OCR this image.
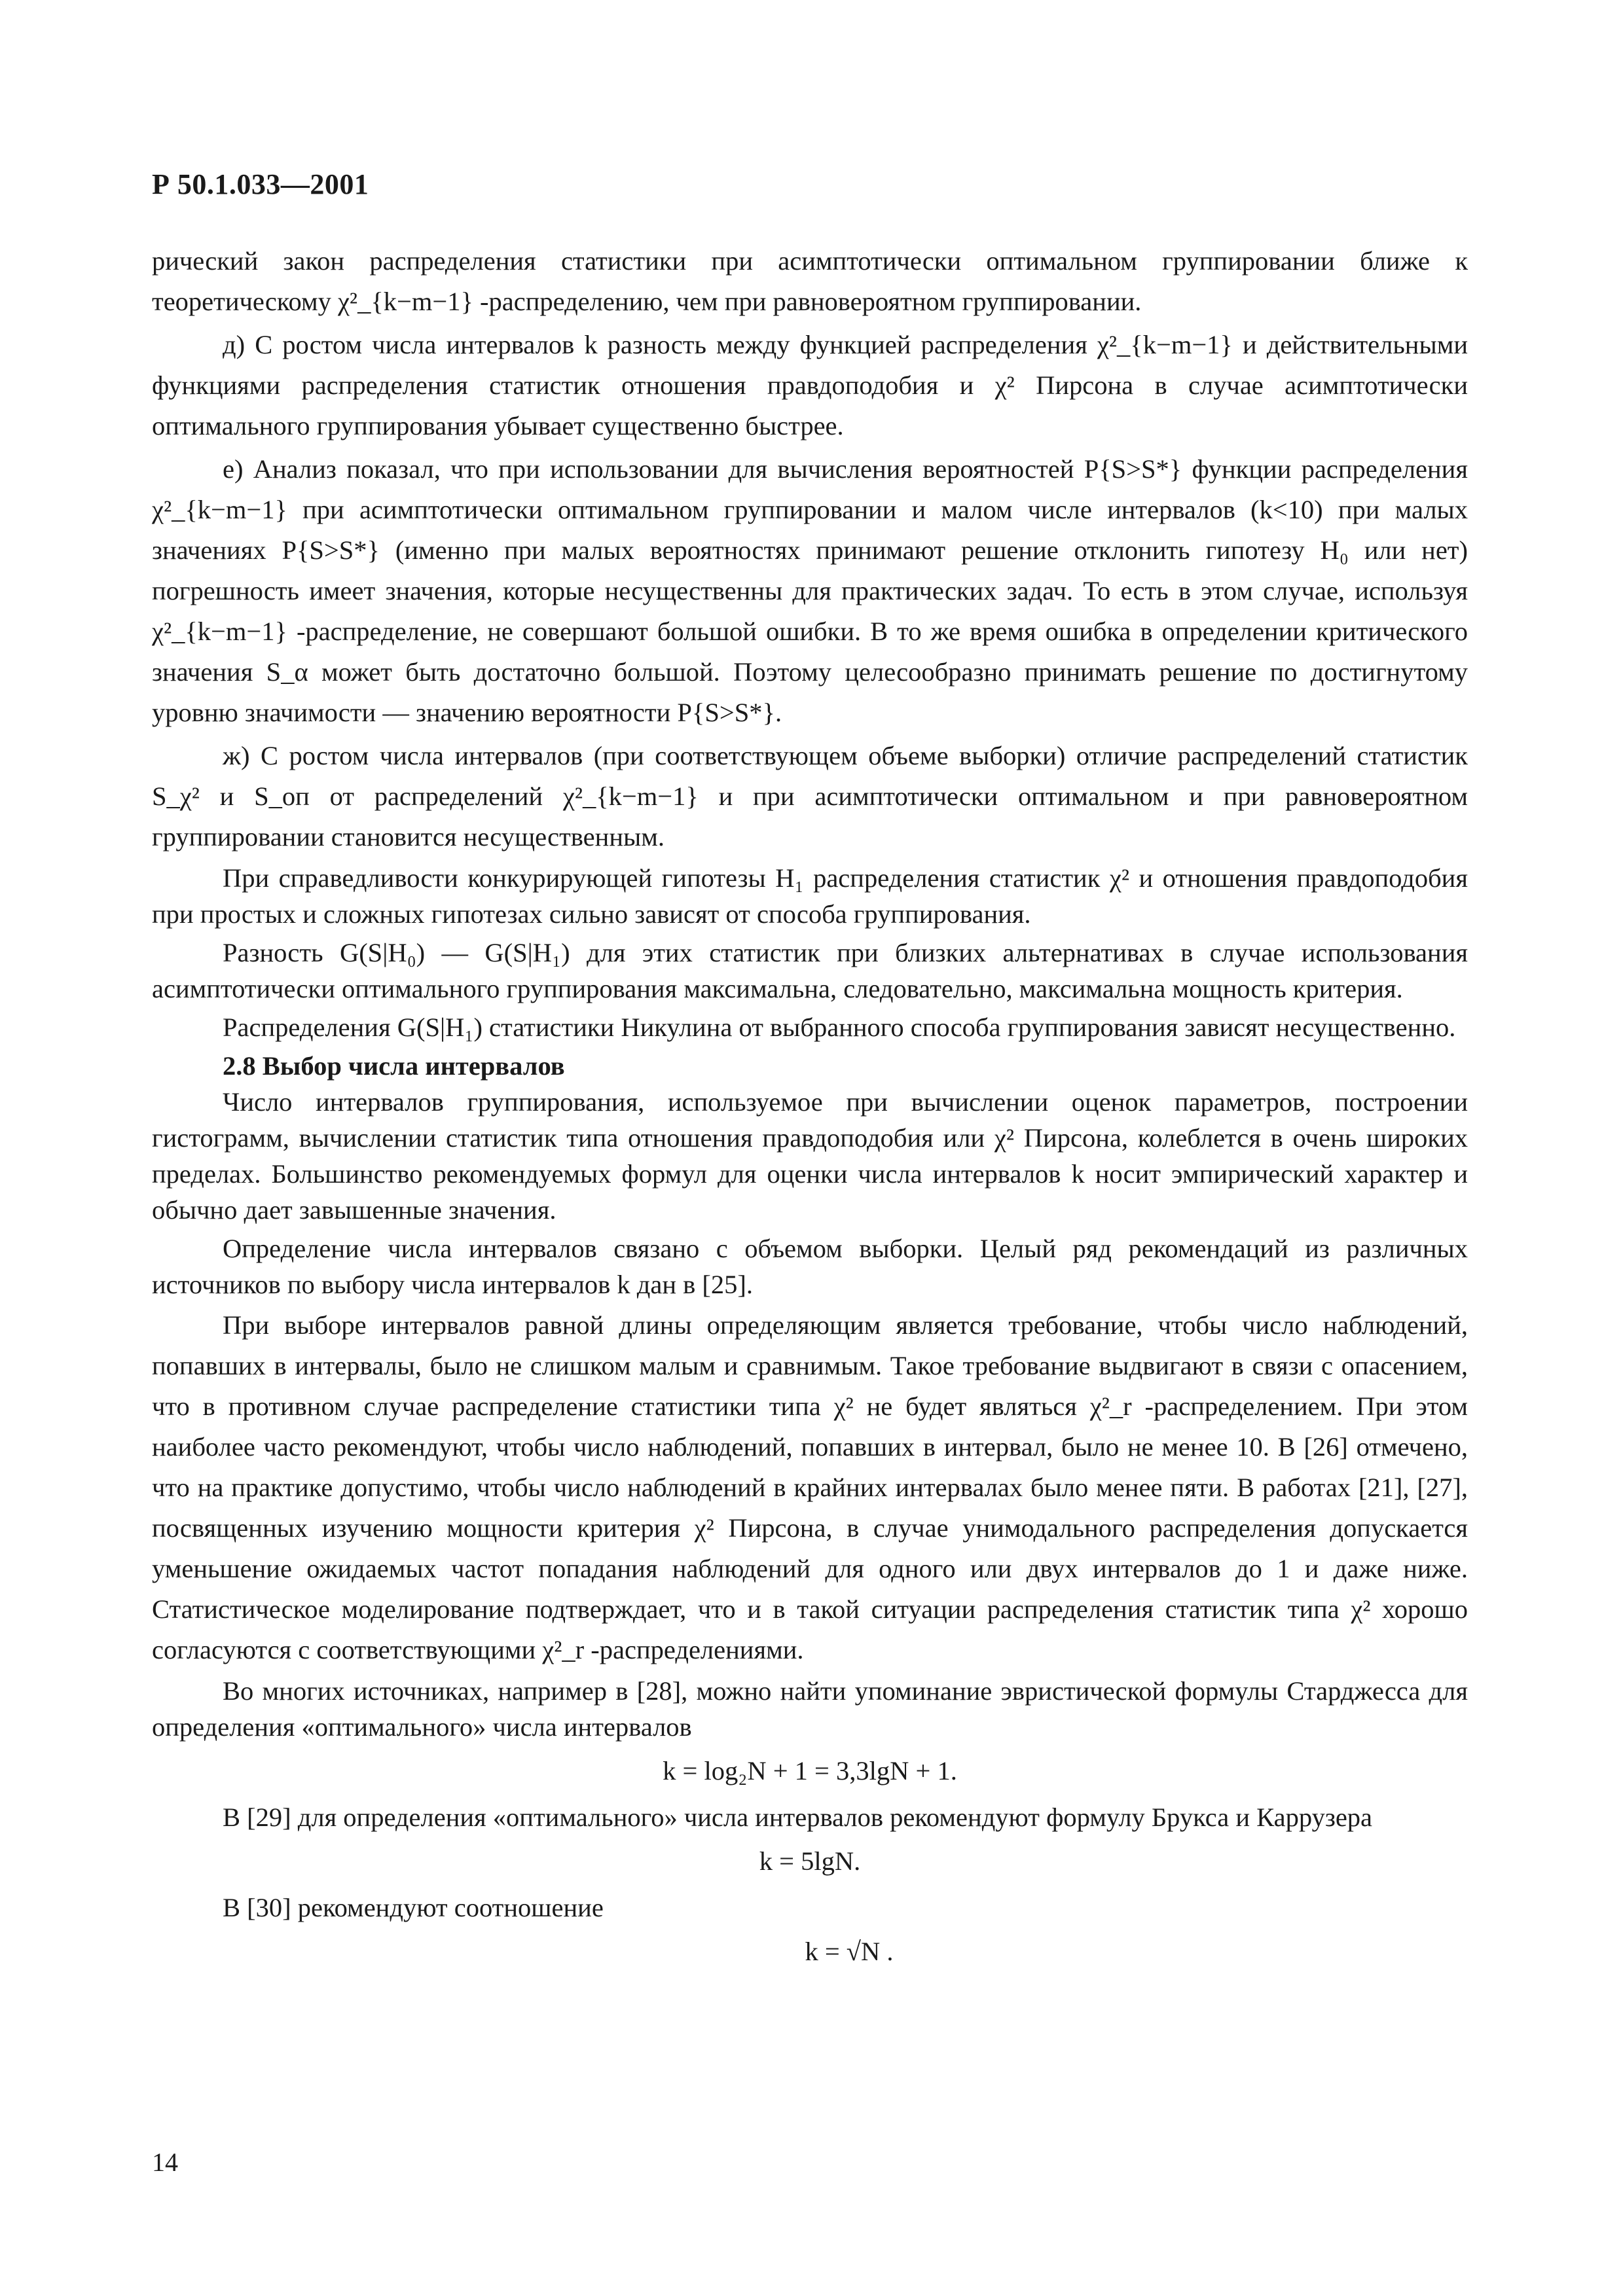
Р 50.1.033—2001

рический закон распределения статистики при асимптотически оптимальном группировании ближе к теоретическому χ²_{k−m−1} -распределению, чем при равновероятном группировании.

д) С ростом числа интервалов k разность между функцией распределения χ²_{k−m−1} и действительными функциями распределения статистик отношения правдоподобия и χ² Пирсона в случае асимптотически оптимального группирования убывает существенно быстрее.

е) Анализ показал, что при использовании для вычисления вероятностей P{S>S*} функции распределения χ²_{k−m−1} при асимптотически оптимальном группировании и малом числе интервалов (k<10) при малых значениях P{S>S*} (именно при малых вероятностях принимают решение отклонить гипотезу H₀ или нет) погрешность имеет значения, которые несущественны для практических задач. То есть в этом случае, используя χ²_{k−m−1} -распределение, не совершают большой ошибки. В то же время ошибка в определении критического значения S_α может быть достаточно большой. Поэтому целесообразно принимать решение по достигнутому уровню значимости — значению вероятности P{S>S*}.

ж) С ростом числа интервалов (при соответствующем объеме выборки) отличие распределений статистик S_χ² и S_оп от распределений χ²_{k−m−1} и при асимптотически оптимальном и при равновероятном группировании становится несущественным.

При справедливости конкурирующей гипотезы H₁ распределения статистик χ² и отношения правдоподобия при простых и сложных гипотезах сильно зависят от способа группирования.

Разность G(S|H₀) — G(S|H₁) для этих статистик при близких альтернативах в случае использования асимптотически оптимального группирования максимальна, следовательно, максимальна мощность критерия.

Распределения G(S|H₁) статистики Никулина от выбранного способа группирования зависят несущественно.

2.8 Выбор числа интервалов

Число интервалов группирования, используемое при вычислении оценок параметров, построении гистограмм, вычислении статистик типа отношения правдоподобия или χ² Пирсона, колеблется в очень широких пределах. Большинство рекомендуемых формул для оценки числа интервалов k носит эмпирический характер и обычно дает завышенные значения.

Определение числа интервалов связано с объемом выборки. Целый ряд рекомендаций из различных источников по выбору числа интервалов k дан в [25].

При выборе интервалов равной длины определяющим является требование, чтобы число наблюдений, попавших в интервалы, было не слишком малым и сравнимым. Такое требование выдвигают в связи с опасением, что в противном случае распределение статистики типа χ² не будет являться χ²_r -распределением. При этом наиболее часто рекомендуют, чтобы число наблюдений, попавших в интервал, было не менее 10. В [26] отмечено, что на практике допустимо, чтобы число наблюдений в крайних интервалах было менее пяти. В работах [21], [27], посвященных изучению мощности критерия χ² Пирсона, в случае унимодального распределения допускается уменьшение ожидаемых частот попадания наблюдений для одного или двух интервалов до 1 и даже ниже. Статистическое моделирование подтверждает, что и в такой ситуации распределения статистик типа χ² хорошо согласуются с соответствующими χ²_r -распределениями.

Во многих источниках, например в [28], можно найти упоминание эвристической формулы Старджесса для определения «оптимального» числа интервалов

k = log₂N + 1 = 3,3lgN + 1.

В [29] для определения «оптимального» числа интервалов рекомендуют формулу Брукса и Каррузера

k = 5lgN.

В [30] рекомендуют соотношение

k = √N .

14
